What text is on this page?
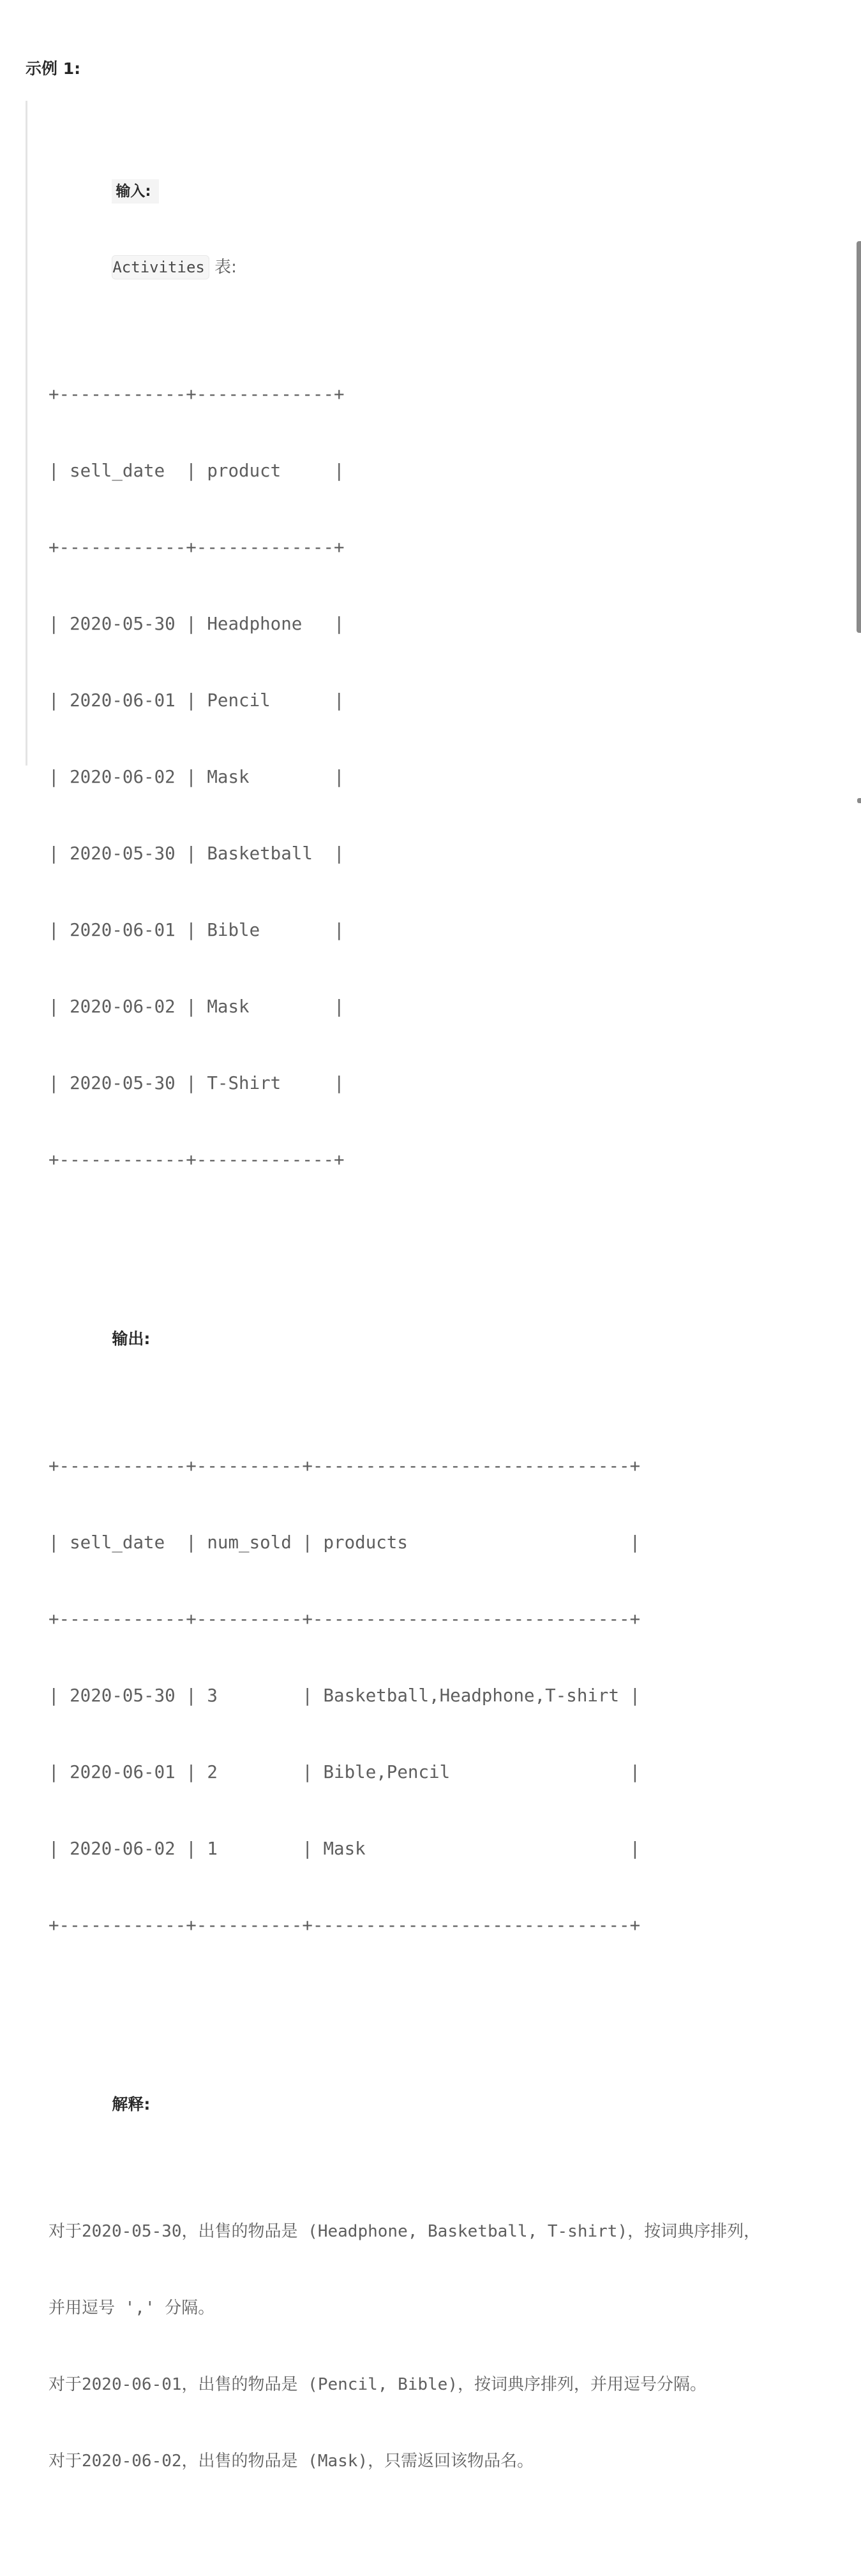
示例 1:

输入:

Activities 表:

+------------+-------------+

| sell_date  | product     |

+------------+-------------+

| 2020-05-30 | Headphone   |

| 2020-06-01 | Pencil      |

| 2020-06-02 | Mask        |

| 2020-05-30 | Basketball  |

| 2020-06-01 | Bible       |

| 2020-06-02 | Mask        |

| 2020-05-30 | T-Shirt     |

+------------+-------------+

输出:

+------------+----------+------------------------------+

| sell_date  | num_sold | products                     |

+------------+----------+------------------------------+

| 2020-05-30 | 3        | Basketball,Headphone,T-shirt |

| 2020-06-01 | 2        | Bible,Pencil                 |

| 2020-06-02 | 1        | Mask                         |

+------------+----------+------------------------------+

解释:

对于2020-05-30，出售的物品是 (Headphone, Basketball, T-shirt)，按词典序排列，

并用逗号 ',' 分隔。

对于2020-06-01，出售的物品是 (Pencil, Bible)，按词典序排列，并用逗号分隔。

对于2020-06-02，出售的物品是 (Mask)，只需返回该物品名。
